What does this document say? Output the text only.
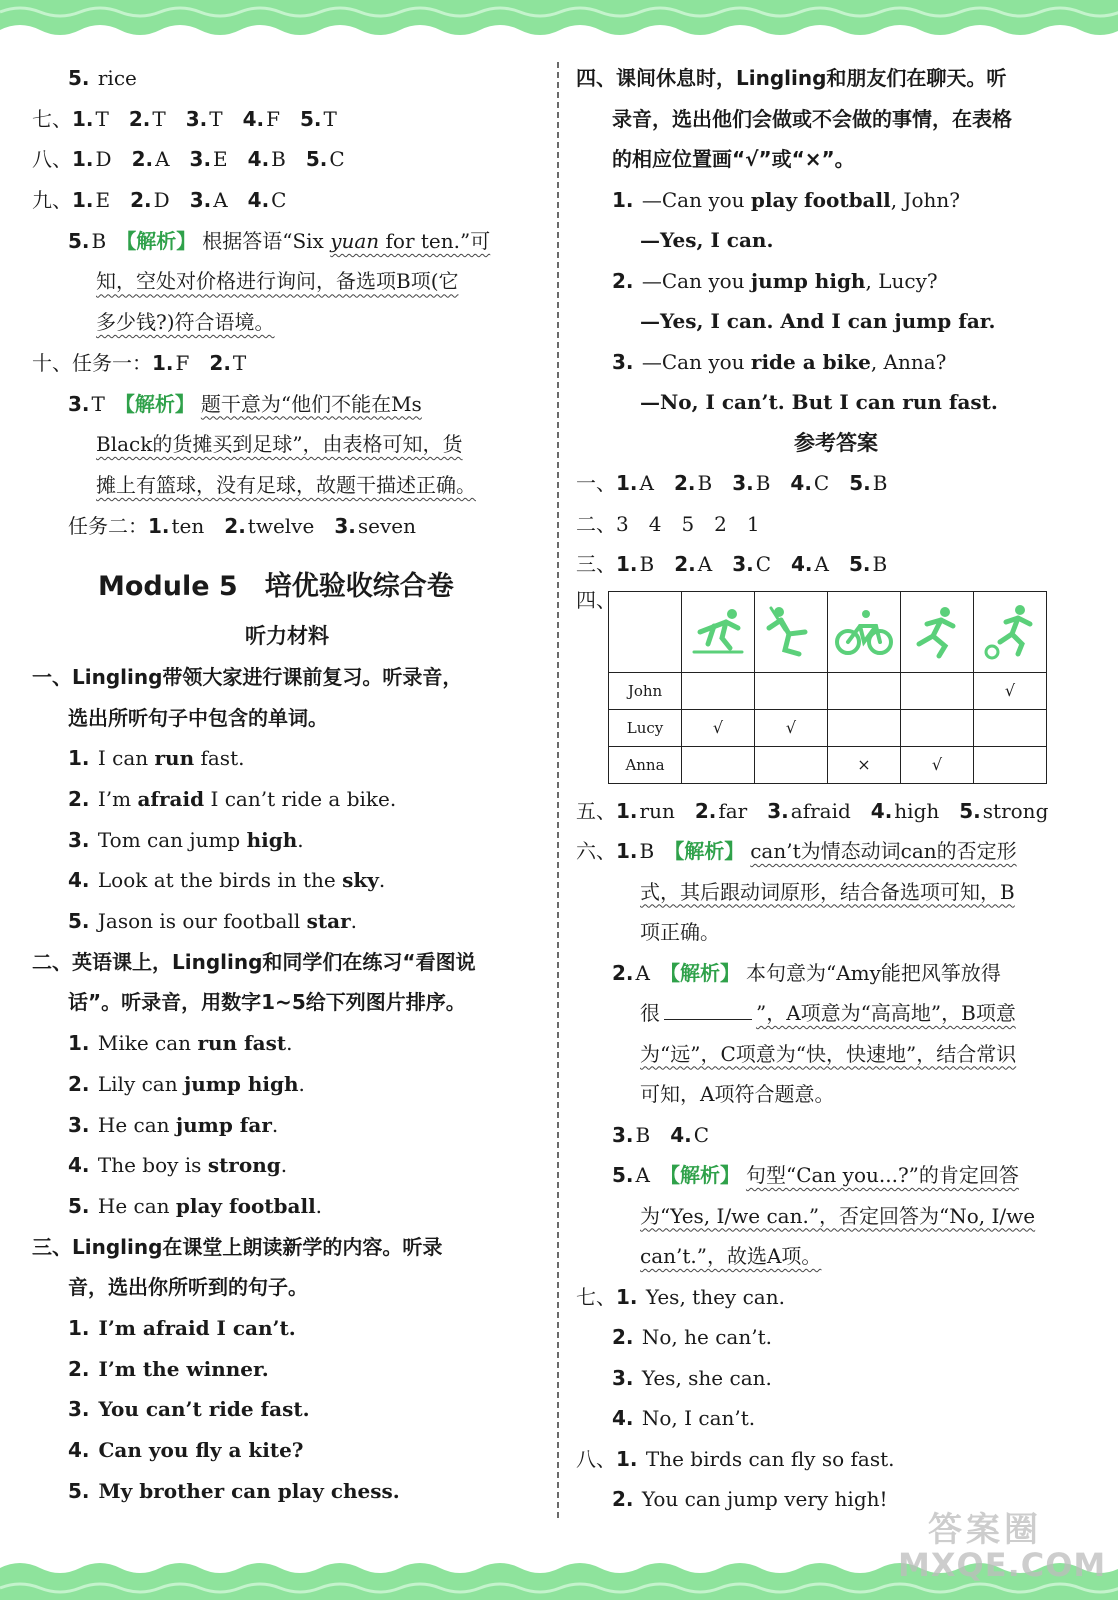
5. rice
七、1. T 2. T 3. T 4. F 5. T
八、1. D 2. A 3. E 4. B 5. C
九、1. E 2. D 3. A 4. C
5. B 【解析】 根据答语“Six yuan for ten.”可
知，空处对价格进行询问，备选项B项(它
多少钱?)符合语境。
十、任务一：1. F 2. T
3. T 【解析】 题干意为“他们不能在Ms
Black的货摊买到足球”，由表格可知，货
摊上有篮球，没有足球，故题干描述正确。
任务二：1. ten 2. twelve 3. seven
Module 5　培优验收综合卷
听力材料
一、Lingling带领大家进行课前复习。听录音，
选出所听句子中包含的单词。
1. I can run fast.
2. I’m afraid I can’t ride a bike.
3. Tom can jump high.
4. Look at the birds in the sky.
5. Jason is our football star.
二、英语课上，Lingling和同学们在练习“看图说
话”。听录音，用数字1~5给下列图片排序。
1. Mike can run fast.
2. Lily can jump high.
3. He can jump far.
4. The boy is strong.
5. He can play football.
三、Lingling在课堂上朗读新学的内容。听录
音，选出你所听到的句子。
1. I’m afraid I can’t.
2. I’m the winner.
3. You can’t ride fast.
4. Can you fly a kite?
5. My brother can play chess.
四、课间休息时，Lingling和朋友们在聊天。听
录音，选出他们会做或不会做的事情，在表格
的相应位置画“√”或“×”。
1. —Can you play football, John?
—Yes, I can.
2. —Can you jump high, Lucy?
—Yes, I can. And I can jump far.
3. —Can you ride a bike, Anna?
—No, I can’t. But I can run fast.
参考答案
一、1. A 2. B 3. B 4. C 5. B
二、3　4　5　2　1
三、1. B 2. A 3. C 4. A 5. B
四、

John					√
Lucy	√	√			
Anna			×	√	
五、1. run 2. far 3. afraid 4. high 5. strong
六、1. B 【解析】 can’t为情态动词can的否定形
式，其后跟动词原形，结合备选项可知，B
项正确。
2. A 【解析】 本句意为“Amy能把风筝放得
很	”，A项意为“高高地”，B项意
为“远”，C项意为“快，快速地”，结合常识
可知，A项符合题意。
3. B 4. C
5. A 【解析】 句型“Can you...?”的肯定回答
为“Yes, I/we can.”，否定回答为“No, I/we
can’t.”，故选A项。
七、1. Yes, they can.
2. No, he can’t.
3. Yes, she can.
4. No, I can’t.
八、1. The birds can fly so fast.
2. You can jump very high!
答案圈
MXQE.COM
